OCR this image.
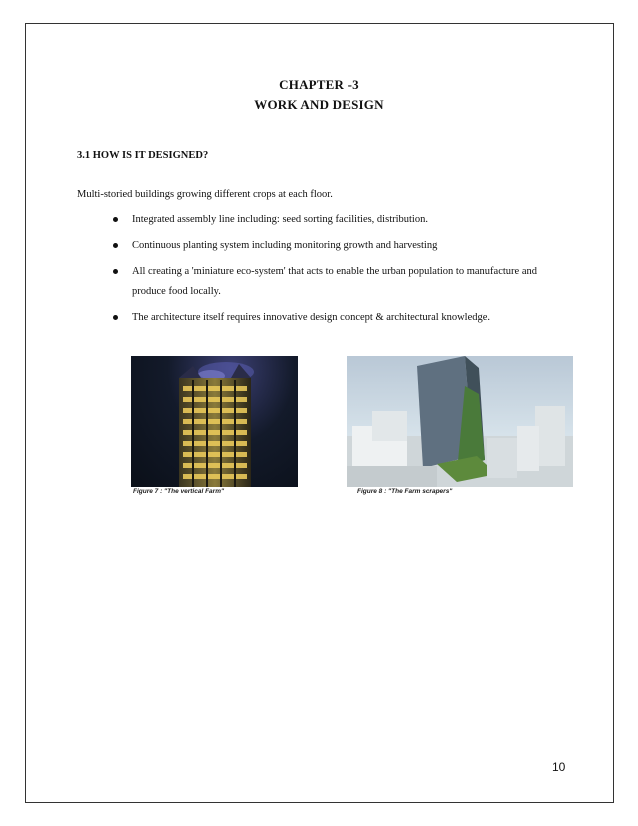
CHAPTER -3
WORK AND DESIGN
3.1 HOW IS IT DESIGNED?
Multi-storied buildings growing different crops at each floor.
Integrated assembly line including: seed sorting facilities, distribution.
Continuous planting system including monitoring growth and harvesting
All creating a 'miniature eco-system' that acts to enable the urban population to manufacture and produce food locally.
The architecture itself requires innovative design concept & architectural knowledge.
Figure 7 : "The vertical Farm"	Figure 8 : "The Farm scrapers"
10
